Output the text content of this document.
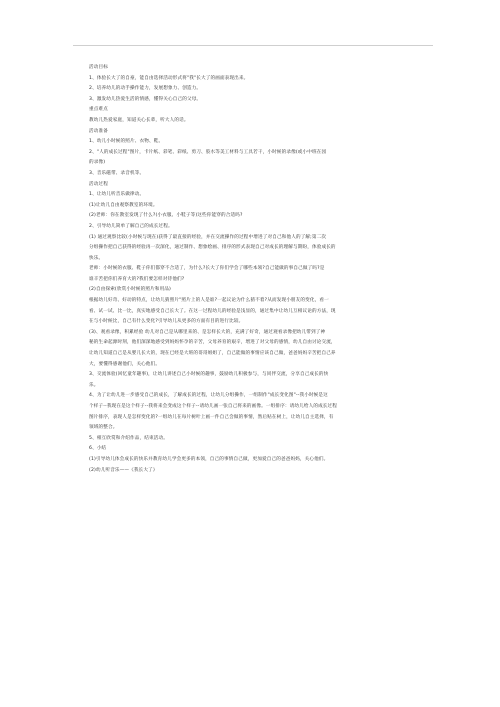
活动目标
1、体验长大了的自豪，能自由选择活动形式将"我"长大了的画面表现出来。
2、培养幼儿的动手操作能力，发展想象力、创造力。
3、激发幼儿热爱生活的情感，懂得关心自己的父母。
重点难点
教幼儿热爱家庭，知道关心长辈，听大人的话。
活动准备
1、幼儿小时候的照片、衣物、鞋。
2、"人的成长过程"图片，卡片纸、彩笔、彩纸、剪刀、胶水等美工材料与工具若干，小时候的录像(或小中班在园
的录像)
3、音乐磁带、录音机等。
活动过程
1、让幼儿听音乐做律动。
(1)让幼儿自由观察教室的环境。
(2)老师：你在教室发现了什么?(小衣服、小鞋子等)这些你能穿的合适吗?
2、引导幼儿简单了解自己的成长过程。
(1) 通过观察比较(小时候与现在)获得了最直接的经验，并在交流操作的过程中增进了对自己和他人的了解;第二次
分组操作把自己获得的经验再一次深化，通过制作、想象绘画、排序的形式表现自己对成长的理解与期盼，体验成长的
快乐。
老师：小时候的衣服、鞋子你们都穿不合适了，为什么?长大了你们学会了哪些本领?自己能做的事自己做了吗?是
谁辛苦把你们养育大的?我们要怎样对待他们?
(2)自由探索(欣赏小时候的照片和用品)
根据幼儿好奇、好动的特点，让幼儿猜照片"照片上的人是谁?一起议论为什么猜不着?从而发现小朋友的变化，看一
看、试一试、比一比，真实地感受自己长大了。在这一过程幼儿的经验是浅显的，通过集中让幼儿互相议论的方法，现
在与小时候比，自己有什么变化?引导幼儿从更多的方面有目的进行比较。
(3)、观看录像，积累经验 幼儿对自己是从哪里来的、是怎样长大的，充满了好奇，通过观看录像把幼儿带到了神
秘的生命起源时刻，他们深深地感受到妈妈怀孕的辛苦，父母养育的艰辛，增进了对父母的感情，幼儿自由讨论交流，
让幼儿知道自己是从婴儿长大的，现在已经是大班的哥哥姐姐了，自己能做的事情应该自己做，爸爸妈妈辛苦把自己养
大，要懂得感谢他们，关心他们。
3、交流体验(回忆童年趣事)，让幼儿讲述自己小时候的趣事，鼓励幼儿积极参与，与同伴交流，分享自己成长的快
乐。
4、为了让幼儿进一步感受自己的成长，了解成长的过程，让幼儿分组操作，一组制作"成长变化图"--我小时候是这
个样子--我现在是这个样子--我将来会变成这个样子--请幼儿画一张自己将来的画像。一组排序：请幼儿给人的成长过程
图片排序，表现人是怎样变化的?一组幼儿在每片树叶上画一件自己会做的事情，然后贴在树上，让幼儿自主选择，有
领域的整合。
5、相互欣赏和介绍作品，结束活动。
6、小结
(1)引导幼儿体会成长的快乐并教育幼儿学会更多的本领，自己的事情自己做，更加爱自己的爸爸妈妈，关心他们。
(2)幼儿听音乐——《我长大了》
